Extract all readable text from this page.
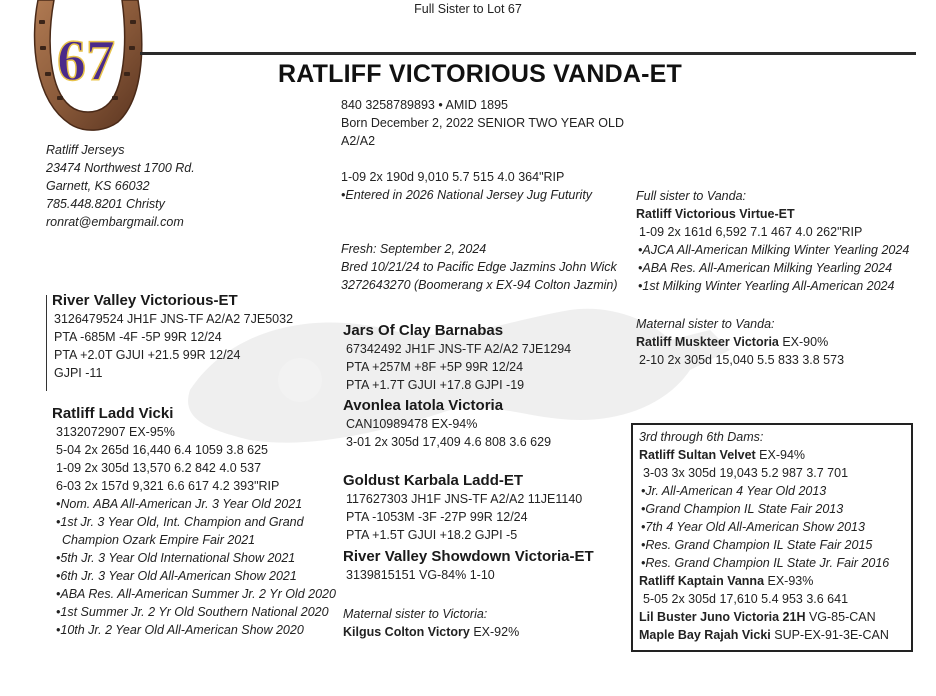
67
Full Sister to Lot 67
RATLIFF VICTORIOUS VANDA-ET
Ratliff Jerseys
23474 Northwest 1700 Rd.
Garnett, KS 66032
785.448.8201 Christy
ronrat@embargmail.com
840 3258789893 • AMID 1895
Born December 2, 2022 SENIOR TWO YEAR OLD
A2/A2
1-09 2x 190d 9,010 5.7 515 4.0 364"RIP
•Entered in 2026 National Jersey Jug Futurity
Fresh: September 2, 2024
Bred 10/21/24 to Pacific Edge Jazmins John Wick
3272643270 (Boomerang x EX-94 Colton Jazmin)
River Valley Victorious-ET
3126479524 JH1F JNS-TF A2/A2 7JE5032
PTA -685M -4F -5P 99R 12/24
PTA +2.0T GJUI +21.5 99R 12/24
GJPI -11
Ratliff Ladd Vicki
3132072907 EX-95%
5-04 2x 265d 16,440 6.4 1059 3.8 625
1-09 2x 305d 13,570 6.2 842 4.0 537
6-03 2x 157d 9,321 6.6 617 4.2 393"RIP
•Nom. ABA All-American Jr. 3 Year Old 2021
•1st Jr. 3 Year Old, Int. Champion and Grand
Champion Ozark Empire Fair 2021
•5th Jr. 3 Year Old International Show 2021
•6th Jr. 3 Year Old All-American Show 2021
•ABA Res. All-American Summer Jr. 2 Yr Old 2020
•1st Summer Jr. 2 Yr Old Southern National 2020
•10th Jr. 2 Year Old All-American Show 2020
Jars Of Clay Barnabas
67342492 JH1F JNS-TF A2/A2 7JE1294
PTA +257M +8F +5P 99R 12/24
PTA +1.7T GJUI +17.8 GJPI -19
Avonlea Iatola Victoria
CAN10989478 EX-94%
3-01 2x 305d 17,409 4.6 808 3.6 629
Goldust Karbala Ladd-ET
117627303 JH1F JNS-TF A2/A2 11JE1140
PTA -1053M -3F -27P 99R 12/24
PTA +1.5T GJUI +18.2 GJPI -5
River Valley Showdown Victoria-ET
3139815151 VG-84% 1-10
Maternal sister to Victoria:
Kilgus Colton Victory EX-92%
Full sister to Vanda:
Ratliff Victorious Virtue-ET
1-09 2x 161d 6,592 7.1 467 4.0 262"RIP
•AJCA All-American Milking Winter Yearling 2024
•ABA Res. All-American Milking Yearling 2024
•1st Milking Winter Yearling All-American 2024
Maternal sister to Vanda:
Ratliff Muskteer Victoria EX-90%
2-10 2x 305d 15,040 5.5 833 3.8 573
3rd through 6th Dams:
Ratliff Sultan Velvet EX-94%
3-03 3x 305d 19,043 5.2 987 3.7 701
•Jr. All-American 4 Year Old 2013
•Grand Champion IL State Fair 2013
•7th 4 Year Old All-American Show 2013
•Res. Grand Champion IL State Fair 2015
•Res. Grand Champion IL State Jr. Fair 2016
Ratliff Kaptain Vanna EX-93%
5-05 2x 305d 17,610 5.4 953 3.6 641
Lil Buster Juno Victoria 21H VG-85-CAN
Maple Bay Rajah Vicki SUP-EX-91-3E-CAN
